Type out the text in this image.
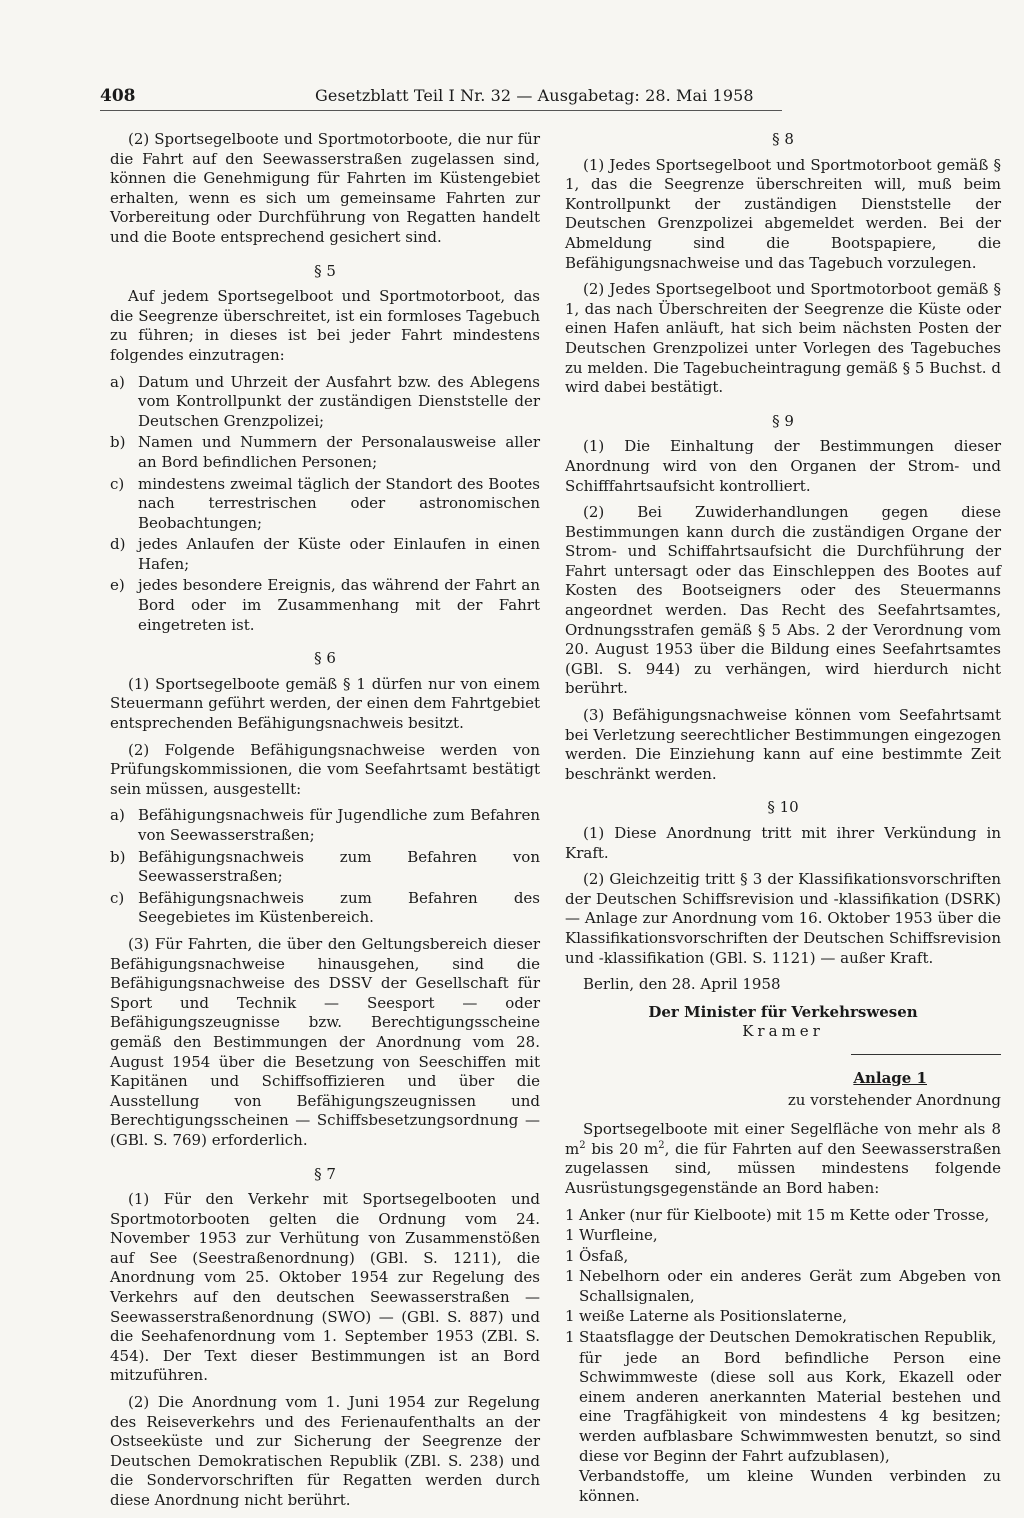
408	Gesetzblatt Teil I Nr. 32 — Ausgabetag: 28. Mai 1958

(2) Sportsegelboote und Sportmotorboote, die nur für die Fahrt auf den Seewasserstraßen zugelassen sind, können die Genehmigung für Fahrten im Küstengebiet erhalten, wenn es sich um gemeinsame Fahrten zur Vorbereitung oder Durchführung von Regatten handelt und die Boote entsprechend gesichert sind.

§ 5

Auf jedem Sportsegelboot und Sportmotorboot, das die Seegrenze überschreitet, ist ein formloses Tagebuch zu führen; in dieses ist bei jeder Fahrt mindestens folgendes einzutragen:

a) Datum und Uhrzeit der Ausfahrt bzw. des Ablegens vom Kontrollpunkt der zuständigen Dienststelle der Deutschen Grenzpolizei;
b) Namen und Nummern der Personalausweise aller an Bord befindlichen Personen;
c) mindestens zweimal täglich der Standort des Bootes nach terrestrischen oder astronomischen Beobachtungen;
d) jedes Anlaufen der Küste oder Einlaufen in einen Hafen;
e) jedes besondere Ereignis, das während der Fahrt an Bord oder im Zusammenhang mit der Fahrt eingetreten ist.

§ 6

(1) Sportsegelboote gemäß § 1 dürfen nur von einem Steuermann geführt werden, der einen dem Fahrtgebiet entsprechenden Befähigungsnachweis besitzt.

(2) Folgende Befähigungsnachweise werden von Prüfungskommissionen, die vom Seefahrtsamt bestätigt sein müssen, ausgestellt:

a) Befähigungsnachweis für Jugendliche zum Befahren von Seewasserstraßen;
b) Befähigungsnachweis zum Befahren von Seewasserstraßen;
c) Befähigungsnachweis zum Befahren des Seegebietes im Küstenbereich.

(3) Für Fahrten, die über den Geltungsbereich dieser Befähigungsnachweise hinausgehen, sind die Befähigungsnachweise des DSSV der Gesellschaft für Sport und Technik — Seesport — oder Befähigungszeugnisse bzw. Berechtigungsscheine gemäß den Bestimmungen der Anordnung vom 28. August 1954 über die Besetzung von Seeschiffen mit Kapitänen und Schiffsoffizieren und über die Ausstellung von Befähigungszeugnissen und Berechtigungsscheinen — Schiffsbesetzungsordnung — (GBl. S. 769) erforderlich.

§ 7

(1) Für den Verkehr mit Sportsegelbooten und Sportmotorbooten gelten die Ordnung vom 24. November 1953 zur Verhütung von Zusammenstößen auf See (Seestraßenordnung) (GBl. S. 1211), die Anordnung vom 25. Oktober 1954 zur Regelung des Verkehrs auf den deutschen Seewasserstraßen — Seewasserstraßenordnung (SWO) — (GBl. S. 887) und die Seehafenordnung vom 1. September 1953 (ZBl. S. 454). Der Text dieser Bestimmungen ist an Bord mitzuführen.

(2) Die Anordnung vom 1. Juni 1954 zur Regelung des Reiseverkehrs und des Ferienaufenthalts an der Ostseeküste und zur Sicherung der Seegrenze der Deutschen Demokratischen Republik (ZBl. S. 238) und die Sondervorschriften für Regatten werden durch diese Anordnung nicht berührt.

§ 8

(1) Jedes Sportsegelboot und Sportmotorboot gemäß § 1, das die Seegrenze überschreiten will, muß beim Kontrollpunkt der zuständigen Dienststelle der Deutschen Grenzpolizei abgemeldet werden. Bei der Abmeldung sind die Bootspapiere, die Befähigungsnachweise und das Tagebuch vorzulegen.

(2) Jedes Sportsegelboot und Sportmotorboot gemäß § 1, das nach Überschreiten der Seegrenze die Küste oder einen Hafen anläuft, hat sich beim nächsten Posten der Deutschen Grenzpolizei unter Vorlegen des Tagebuches zu melden. Die Tagebucheintragung gemäß § 5 Buchst. d wird dabei bestätigt.

§ 9

(1) Die Einhaltung der Bestimmungen dieser Anordnung wird von den Organen der Strom- und Schifffahrtsaufsicht kontrolliert.

(2) Bei Zuwiderhandlungen gegen diese Bestimmungen kann durch die zuständigen Organe der Strom- und Schiffahrtsaufsicht die Durchführung der Fahrt untersagt oder das Einschleppen des Bootes auf Kosten des Bootseigners oder des Steuermanns angeordnet werden. Das Recht des Seefahrtsamtes, Ordnungsstrafen gemäß § 5 Abs. 2 der Verordnung vom 20. August 1953 über die Bildung eines Seefahrtsamtes (GBl. S. 944) zu verhängen, wird hierdurch nicht berührt.

(3) Befähigungsnachweise können vom Seefahrtsamt bei Verletzung seerechtlicher Bestimmungen eingezogen werden. Die Einziehung kann auf eine bestimmte Zeit beschränkt werden.

§ 10

(1) Diese Anordnung tritt mit ihrer Verkündung in Kraft.

(2) Gleichzeitig tritt § 3 der Klassifikationsvorschriften der Deutschen Schiffsrevision und -klassifikation (DSRK) — Anlage zur Anordnung vom 16. Oktober 1953 über die Klassifikationsvorschriften der Deutschen Schiffsrevision und -klassifikation (GBl. S. 1121) — außer Kraft.

Berlin, den 28. April 1958

Der Minister für Verkehrswesen

Kramer

Anlage 1

zu vorstehender Anordnung

Sportsegelboote mit einer Segelfläche von mehr als 8 $m^2$ bis 20 $m^2$, die für Fahrten auf den Seewasserstraßen zugelassen sind, müssen mindestens folgende Ausrüstungsgegenstände an Bord haben:

1 Anker (nur für Kielboote) mit 15 m Kette oder Trosse,
1 Wurfleine,
1 Ösfaß,
1 Nebelhorn oder ein anderes Gerät zum Abgeben von Schallsignalen,
1 weiße Laterne als Positionslaterne,
1 Staatsflagge der Deutschen Demokratischen Republik,
für jede an Bord befindliche Person eine Schwimmweste (diese soll aus Kork, Ekazell oder einem anderen anerkannten Material bestehen und eine Tragfähigkeit von mindestens 4 kg besitzen; werden aufblasbare Schwimmwesten benutzt, so sind diese vor Beginn der Fahrt aufzublasen),
Verbandstoffe, um kleine Wunden verbinden zu können.
